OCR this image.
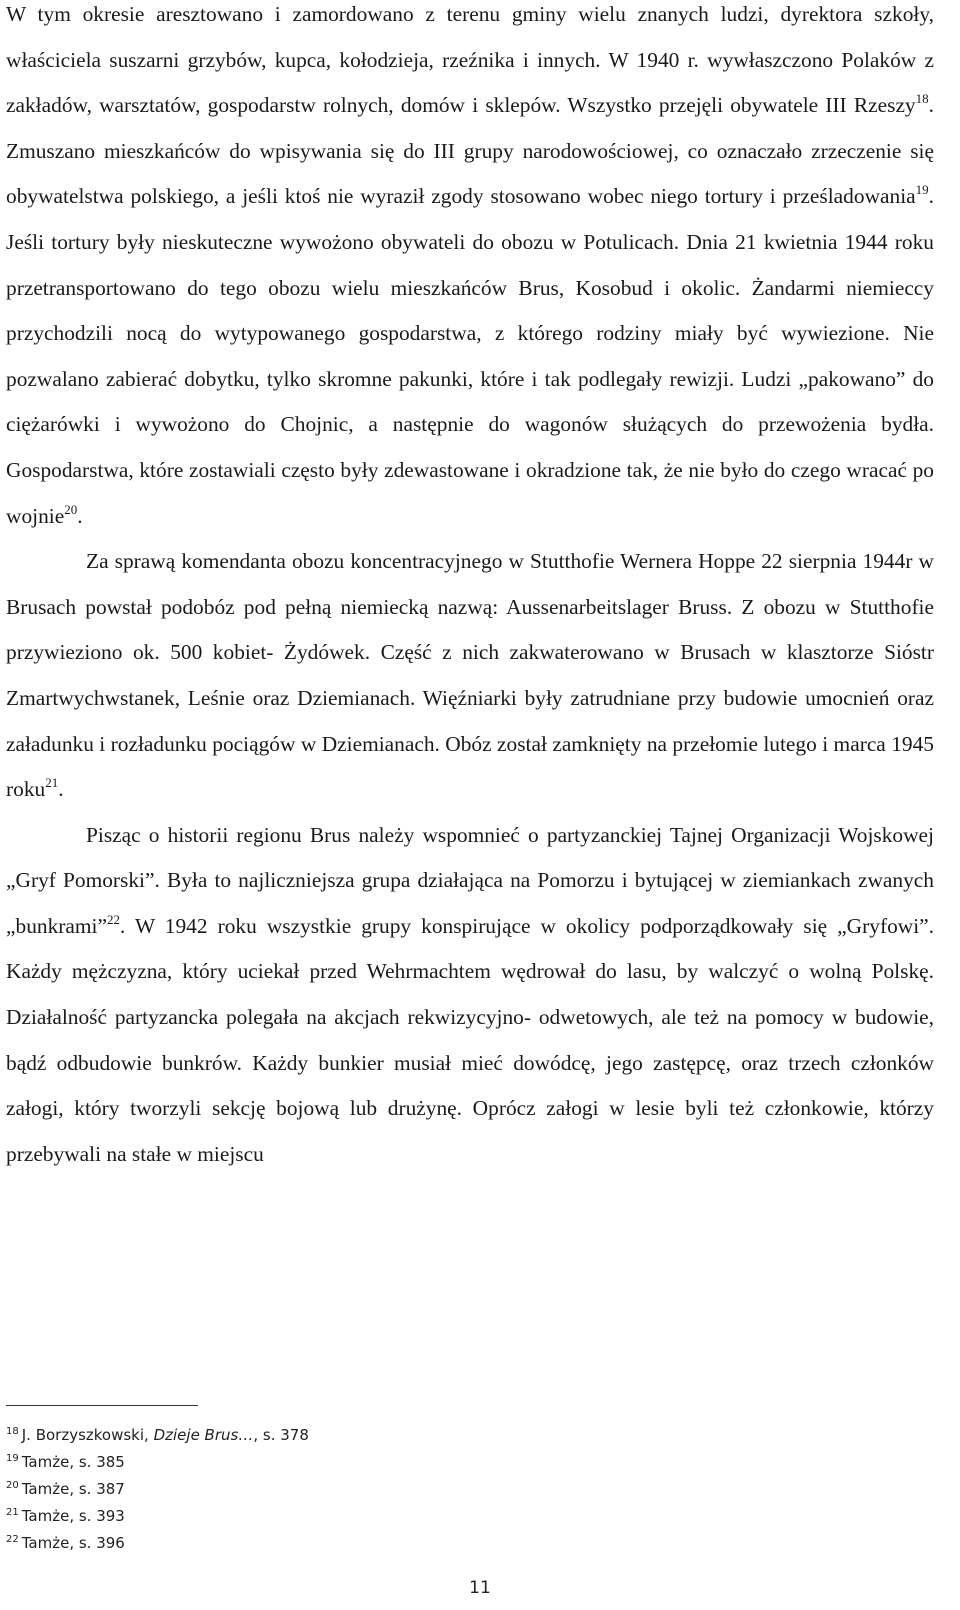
W tym okresie aresztowano i zamordowano z terenu gminy wielu znanych ludzi, dyrektora szkoły, właściciela suszarni grzybów, kupca, kołodzieja, rzeźnika i innych. W 1940 r. wywłaszczono Polaków z zakładów, warsztatów, gospodarstw rolnych, domów i sklepów. Wszystko przejęli obywatele III Rzeszy$^{18}$. Zmuszano mieszkańców do wpisywania się do III grupy narodowościowej, co oznaczało zrzeczenie się obywatelstwa polskiego, a jeśli ktoś nie wyraził zgody stosowano wobec niego tortury i prześladowania$^{19}$. Jeśli tortury były nieskuteczne wywożono obywateli do obozu w Potulicach. Dnia 21 kwietnia 1944 roku przetransportowano do tego obozu wielu mieszkańców Brus, Kosobud i okolic. Żandarmi niemieccy przychodzili nocą do wytypowanego gospodarstwa, z którego rodziny miały być wywiezione. Nie pozwalano zabierać dobytku, tylko skromne pakunki, które i tak podlegały rewizji. Ludzi „pakowano” do ciężarówki i wywożono do Chojnic, a następnie do wagonów służących do przewożenia bydła. Gospodarstwa, które zostawiali często były zdewastowane i okradzione tak, że nie było do czego wracać po wojnie$^{20}$.

Za sprawą komendanta obozu koncentracyjnego w Stutthofie Wernera Hoppe 22 sierpnia 1944r w Brusach powstał podobóz pod pełną niemiecką nazwą: Aussenarbeitslager Bruss. Z obozu w Stutthofie przywieziono ok. 500 kobiet- Żydówek. Część z nich zakwaterowano w Brusach w klasztorze Sióstr Zmartwychwstanek, Leśnie oraz Dziemianach. Więźniarki były zatrudniane przy budowie umocnień oraz załadunku i rozładunku pociągów w Dziemianach. Obóz został zamknięty na przełomie lutego i marca 1945 roku$^{21}$.

Pisząc o historii regionu Brus należy wspomnieć o partyzanckiej Tajnej Organizacji Wojskowej „Gryf Pomorski”. Była to najliczniejsza grupa działająca na Pomorzu i bytującej w ziemiankach zwanych „bunkrami”$^{22}$. W 1942 roku wszystkie grupy konspirujące w okolicy podporządkowały się „Gryfowi”. Każdy mężczyzna, który uciekał przed Wehrmachtem wędrował do lasu, by walczyć o wolną Polskę. Działalność partyzancka polegała na akcjach rekwizycyjno- odwetowych, ale też na pomocy w budowie, bądź odbudowie bunkrów. Każdy bunkier musiał mieć dowódcę, jego zastępcę, oraz trzech członków załogi, który tworzyli sekcję bojową lub drużynę. Oprócz załogi w lesie byli też członkowie, którzy przebywali na stałe w miejscu

$^{18}$ J. Borzyszkowski, Dzieje Brus…, s. 378
$^{19}$ Tamże, s. 385
$^{20}$ Tamże, s. 387
$^{21}$ Tamże, s. 393
$^{22}$ Tamże, s. 396
11
